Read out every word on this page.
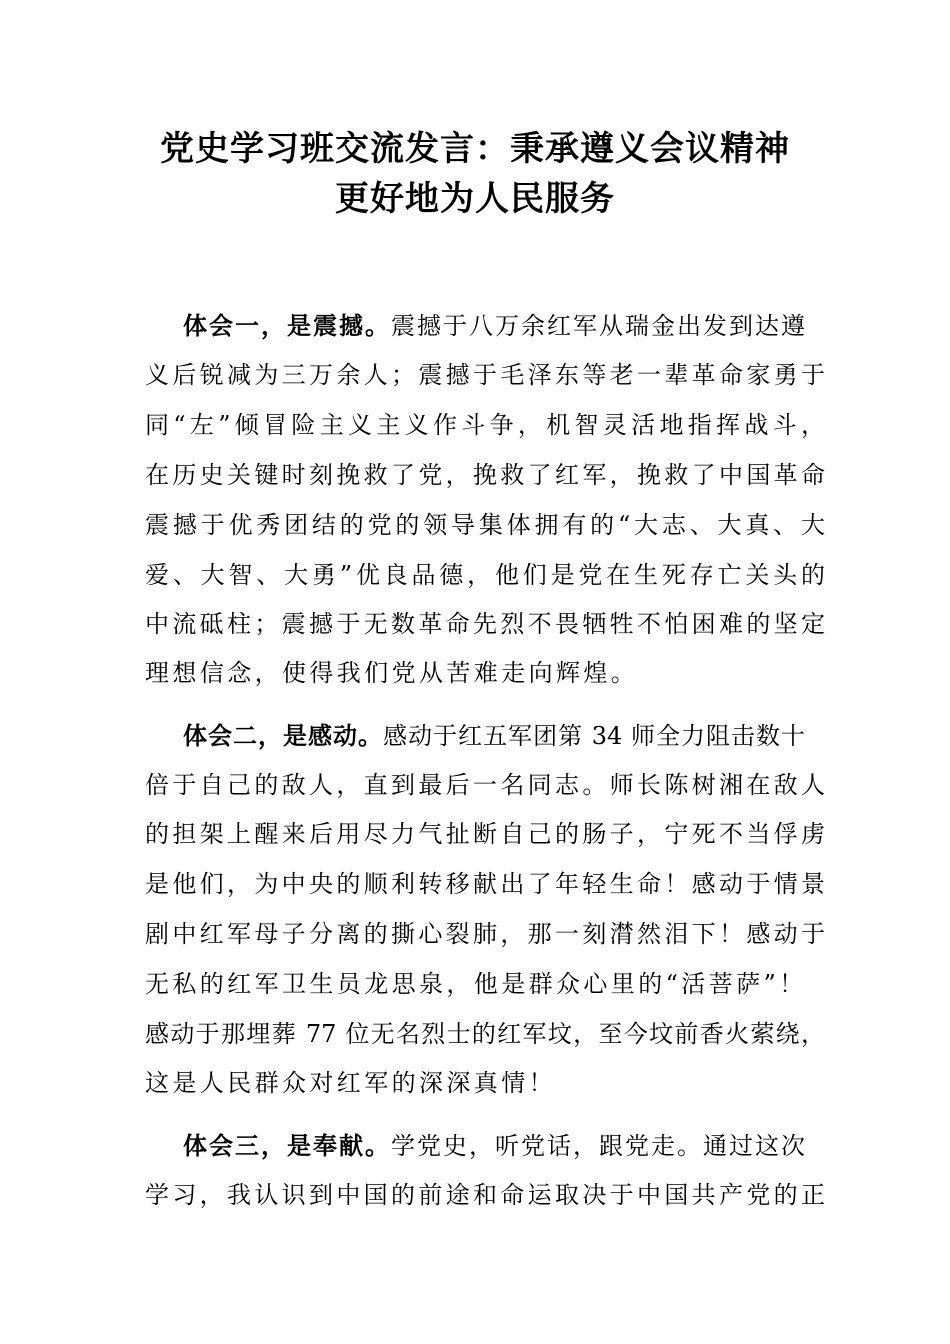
党史学习班交流发言：秉承遵义会议精神
更好地为人民服务
体会一，是震撼。震撼于八万余红军从瑞金出发到达遵
义后锐减为三万余人；震撼于毛泽东等老一辈革命家勇于
同“左”倾冒险主义主义作斗争，机智灵活地指挥战斗，
在历史关键时刻挽救了党，挽救了红军，挽救了中国革命
震撼于优秀团结的党的领导集体拥有的“大志、大真、大
爱、大智、大勇”优良品德，他们是党在生死存亡关头的
中流砥柱；震撼于无数革命先烈不畏牺牲不怕困难的坚定
理想信念，使得我们党从苦难走向辉煌。
体会二，是感动。感动于红五军团第 34 师全力阻击数十
倍于自己的敌人，直到最后一名同志。师长陈树湘在敌人
的担架上醒来后用尽力气扯断自己的肠子，宁死不当俘虏
是他们，为中央的顺利转移献出了年轻生命！感动于情景
剧中红军母子分离的撕心裂肺，那一刻潸然泪下！感动于
无私的红军卫生员龙思泉，他是群众心里的“活菩萨”！
感动于那埋葬 77 位无名烈士的红军坟，至今坟前香火萦绕，
这是人民群众对红军的深深真情！
体会三，是奉献。学党史，听党话，跟党走。通过这次
学习，我认识到中国的前途和命运取决于中国共产党的正
